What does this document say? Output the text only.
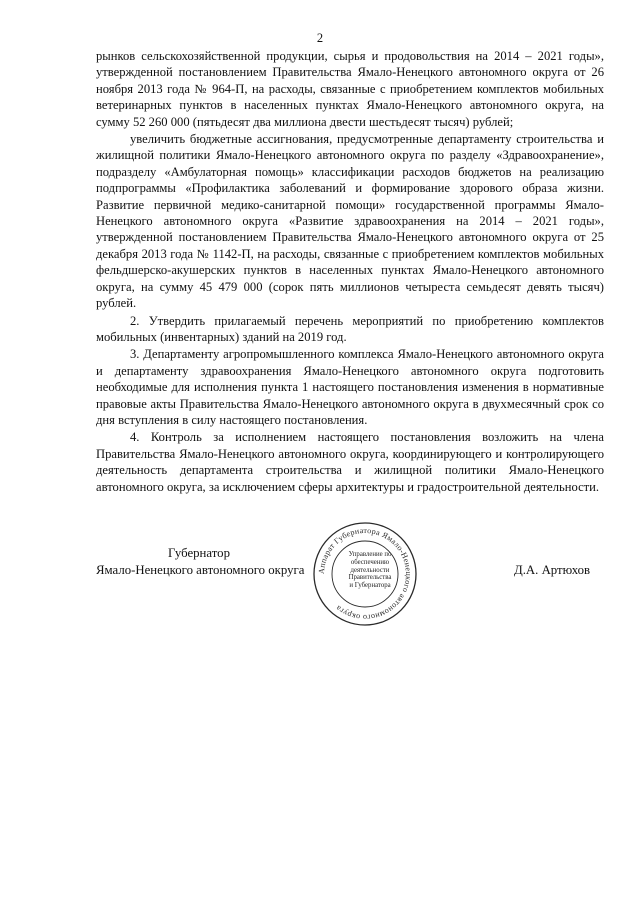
2

рынков сельскохозяйственной продукции, сырья и продовольствия на 2014 – 2021 годы», утвержденной постановлением Правительства Ямало-Ненецкого автономного округа от 26 ноября 2013 года № 964-П, на расходы, связанные с приобретением комплектов мобильных ветеринарных пунктов в населенных пунктах Ямало-Ненецкого автономного округа, на сумму 52 260 000 (пятьдесят два миллиона двести шестьдесят тысяч) рублей;

увеличить бюджетные ассигнования, предусмотренные департаменту строительства и жилищной политики Ямало-Ненецкого автономного округа по разделу «Здравоохранение», подразделу «Амбулаторная помощь» классификации расходов бюджетов на реализацию подпрограммы «Профилактика заболеваний и формирование здорового образа жизни. Развитие первичной медико-санитарной помощи» государственной программы Ямало-Ненецкого автономного округа «Развитие здравоохранения на 2014 – 2021 годы», утвержденной постановлением Правительства Ямало-Ненецкого автономного округа от 25 декабря 2013 года № 1142-П, на расходы, связанные с приобретением комплектов мобильных фельдшерско-акушерских пунктов в населенных пунктах Ямало-Ненецкого автономного округа, на сумму 45 479 000 (сорок пять миллионов четыреста семьдесят девять тысяч) рублей.

2. Утвердить прилагаемый перечень мероприятий по приобретению комплектов мобильных (инвентарных) зданий на 2019 год.

3. Департаменту агропромышленного комплекса Ямало-Ненецкого автономного округа и департаменту здравоохранения Ямало-Ненецкого автономного округа подготовить необходимые для исполнения пункта 1 настоящего постановления изменения в нормативные правовые акты Правительства Ямало-Ненецкого автономного округа в двухмесячный срок со дня вступления в силу настоящего постановления.

4. Контроль за исполнением настоящего постановления возложить на члена Правительства Ямало-Ненецкого автономного округа, координирующего и контролирующего деятельность департамента строительства и жилищной политики Ямало-Ненецкого автономного округа, за исключением сферы архитектуры и градостроительной деятельности.

Губернатор
Ямало-Ненецкого автономного округа	Д.А. Артюхов
Аппарат Губернатора Ямало-Ненецкого автономного округа
Управление по обеспечению деятельности Правительства и Губернатора
